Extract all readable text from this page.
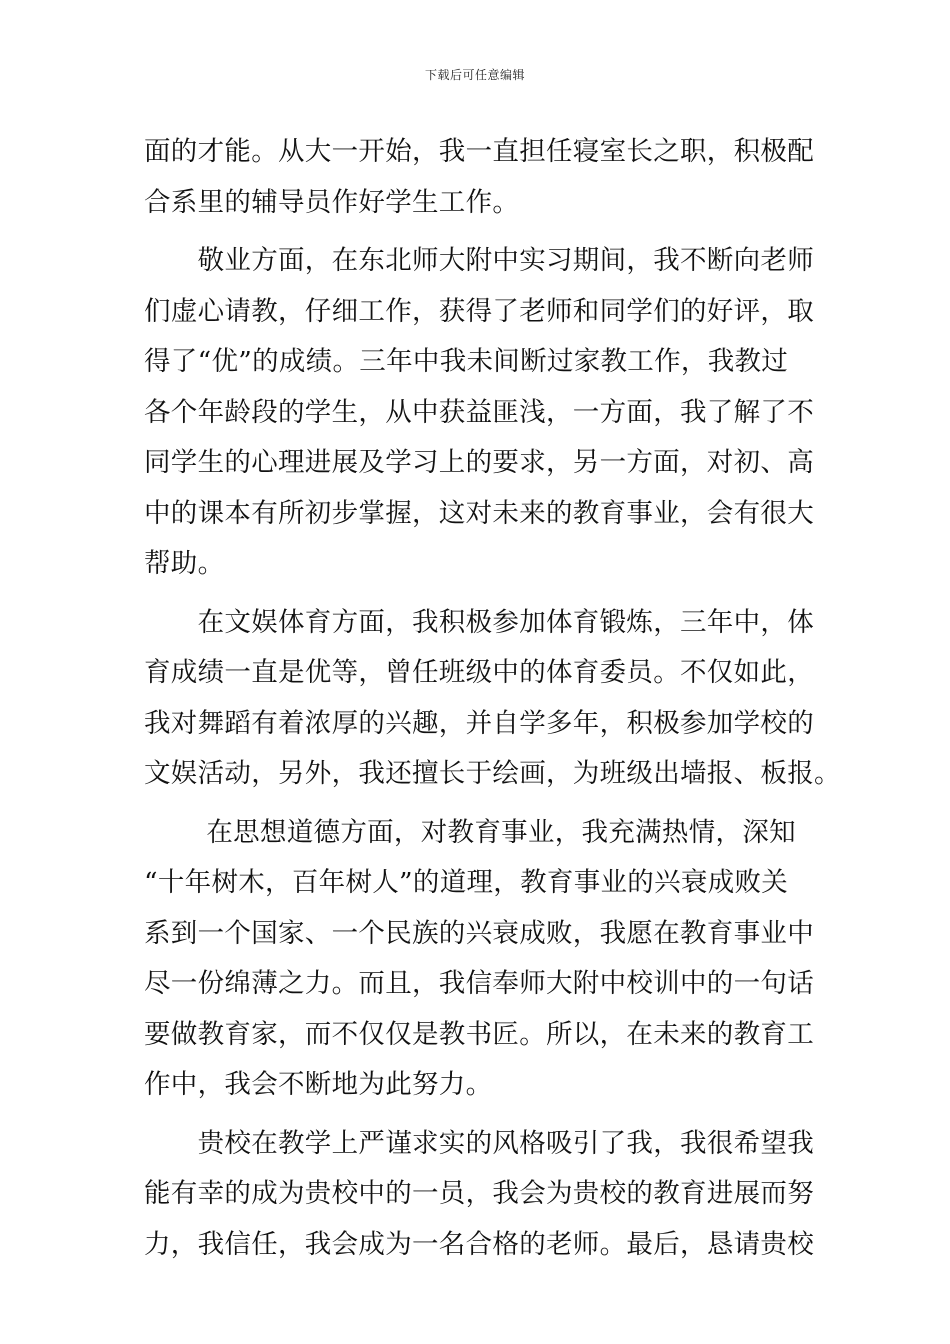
下载后可任意编辑
面的才能。从大一开始，我一直担任寝室长之职，积极配
合系里的辅导员作好学生工作。
　　敬业方面，在东北师大附中实习期间，我不断向老师
们虚心请教，仔细工作，获得了老师和同学们的好评，取
得了“优”的成绩。三年中我未间断过家教工作，我教过
各个年龄段的学生，从中获益匪浅，一方面，我了解了不
同学生的心理进展及学习上的要求，另一方面，对初、高
中的课本有所初步掌握，这对未来的教育事业，会有很大
帮助。
　　在文娱体育方面，我积极参加体育锻炼，三年中，体
育成绩一直是优等，曾任班级中的体育委员。不仅如此，
我对舞蹈有着浓厚的兴趣，并自学多年，积极参加学校的
文娱活动，另外，我还擅长于绘画，为班级出墙报、板报。
　　 在思想道德方面，对教育事业，我充满热情，深知
“十年树木，百年树人”的道理，教育事业的兴衰成败关
系到一个国家、一个民族的兴衰成败，我愿在教育事业中
尽一份绵薄之力。而且，我信奉师大附中校训中的一句话
要做教育家，而不仅仅是教书匠。所以，在未来的教育工
作中，我会不断地为此努力。
　　贵校在教学上严谨求实的风格吸引了我，我很希望我
能有幸的成为贵校中的一员，我会为贵校的教育进展而努
力，我信任，我会成为一名合格的老师。最后，恳请贵校
